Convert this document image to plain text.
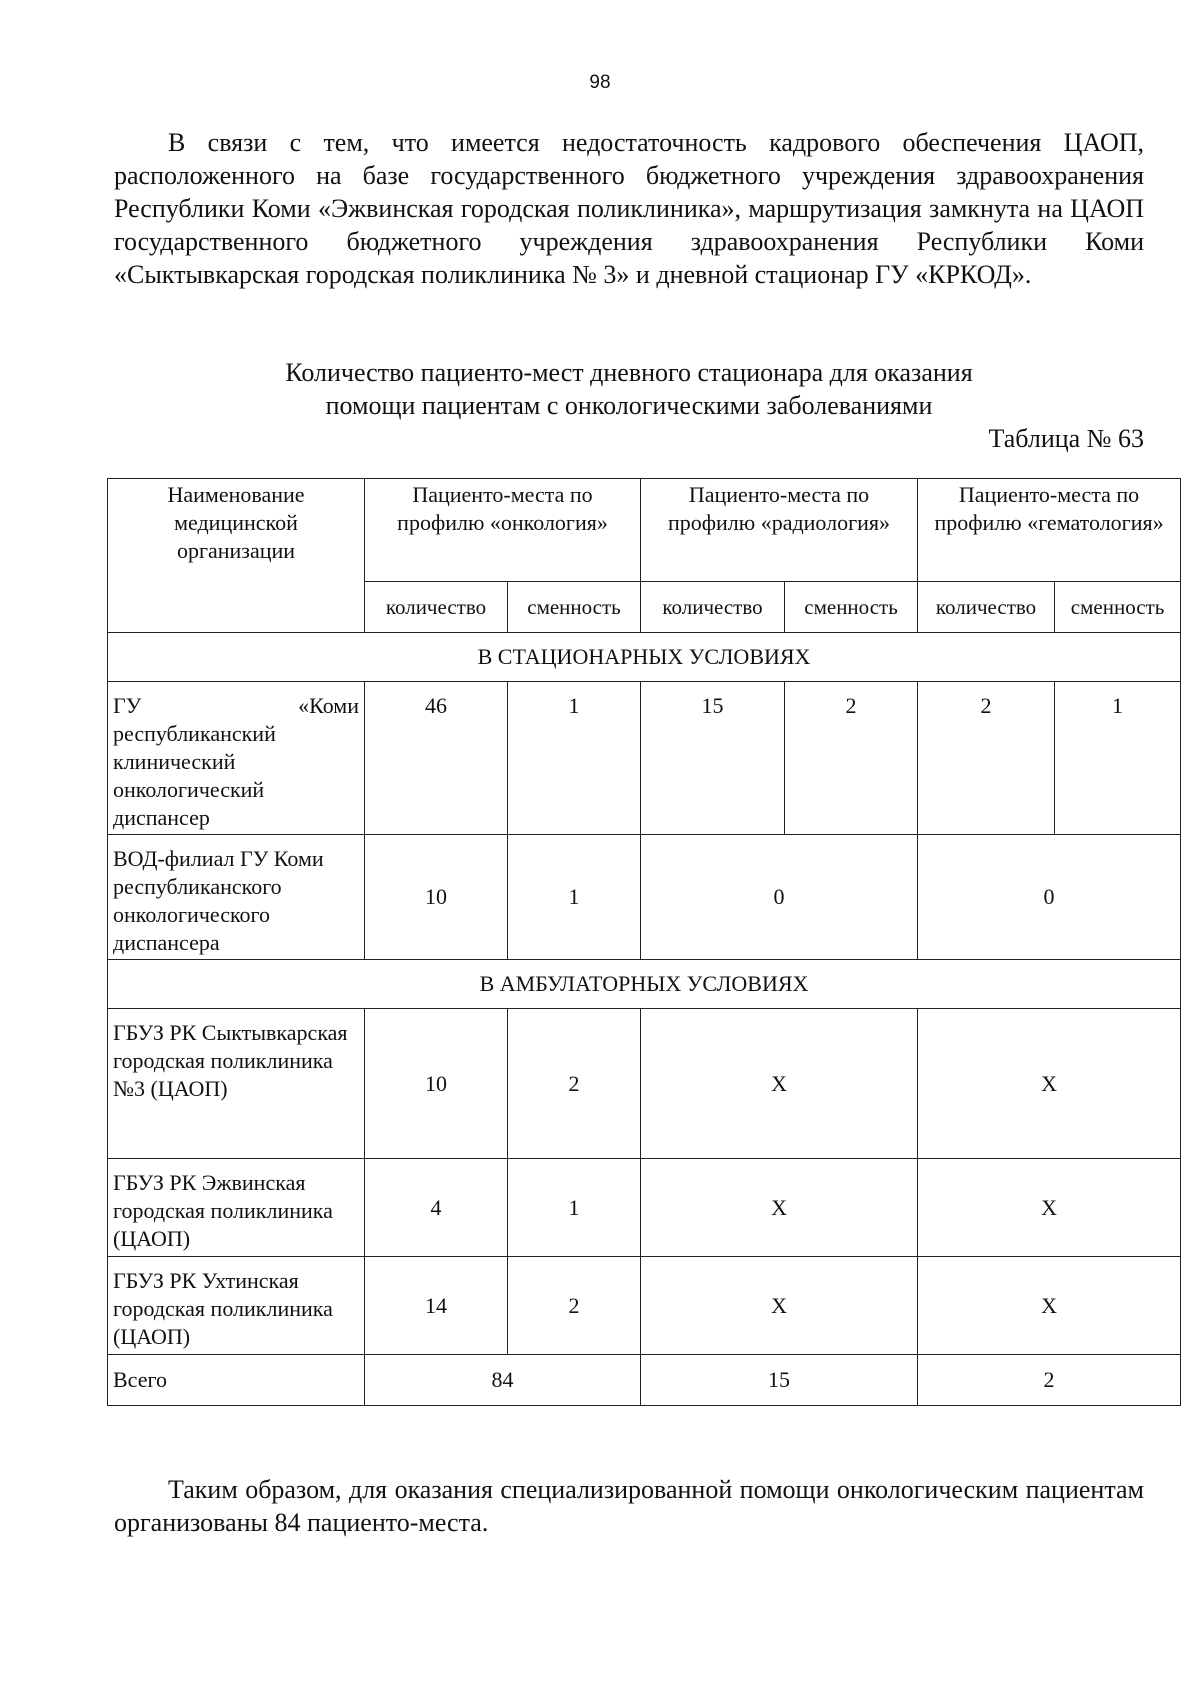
98

В связи с тем, что имеется недостаточность кадрового обеспечения ЦАОП, расположенного на базе государственного бюджетного учреждения здравоохранения Республики Коми «Эжвинская городская поликлиника», маршрутизация замкнута на ЦАОП государственного бюджетного учреждения здравоохранения Республики Коми «Сыктывкарская городская поликлиника № 3» и дневной стационар ГУ «КРКОД».

Количество пациенто-мест дневного стационара для оказания
помощи пациентам с онкологическими заболеваниями
Таблица № 63
Наименование медицинской организации	Пациенто-места по профилю «онкология»		Пациенто-места по профилю «радиология»		Пациенто-места по профилю «гематология»	
	количество	сменность	количество	сменность	количество	сменность
В СТАЦИОНАРНЫХ УСЛОВИЯХ						

ГУ «Коми
республиканский клинический онкологический диспансер	46	1	15	2	2	1
ВОД-филиал ГУ Коми республиканского онкологического диспансера	10	1	0		0	
В АМБУЛАТОРНЫХ УСЛОВИЯХ						
ГБУЗ РК Сыктывкарская городская поликлиника №3 (ЦАОП)	10	2	Х		Х	
ГБУЗ РК Эжвинская городская поликлиника (ЦАОП)	4	1	Х		Х	
ГБУЗ РК Ухтинская городская поликлиника (ЦАОП)	14	2	Х		Х	
Всего	84		15		2	

Таким образом, для оказания специализированной помощи онкологическим пациентам организованы 84 пациенто-места.
